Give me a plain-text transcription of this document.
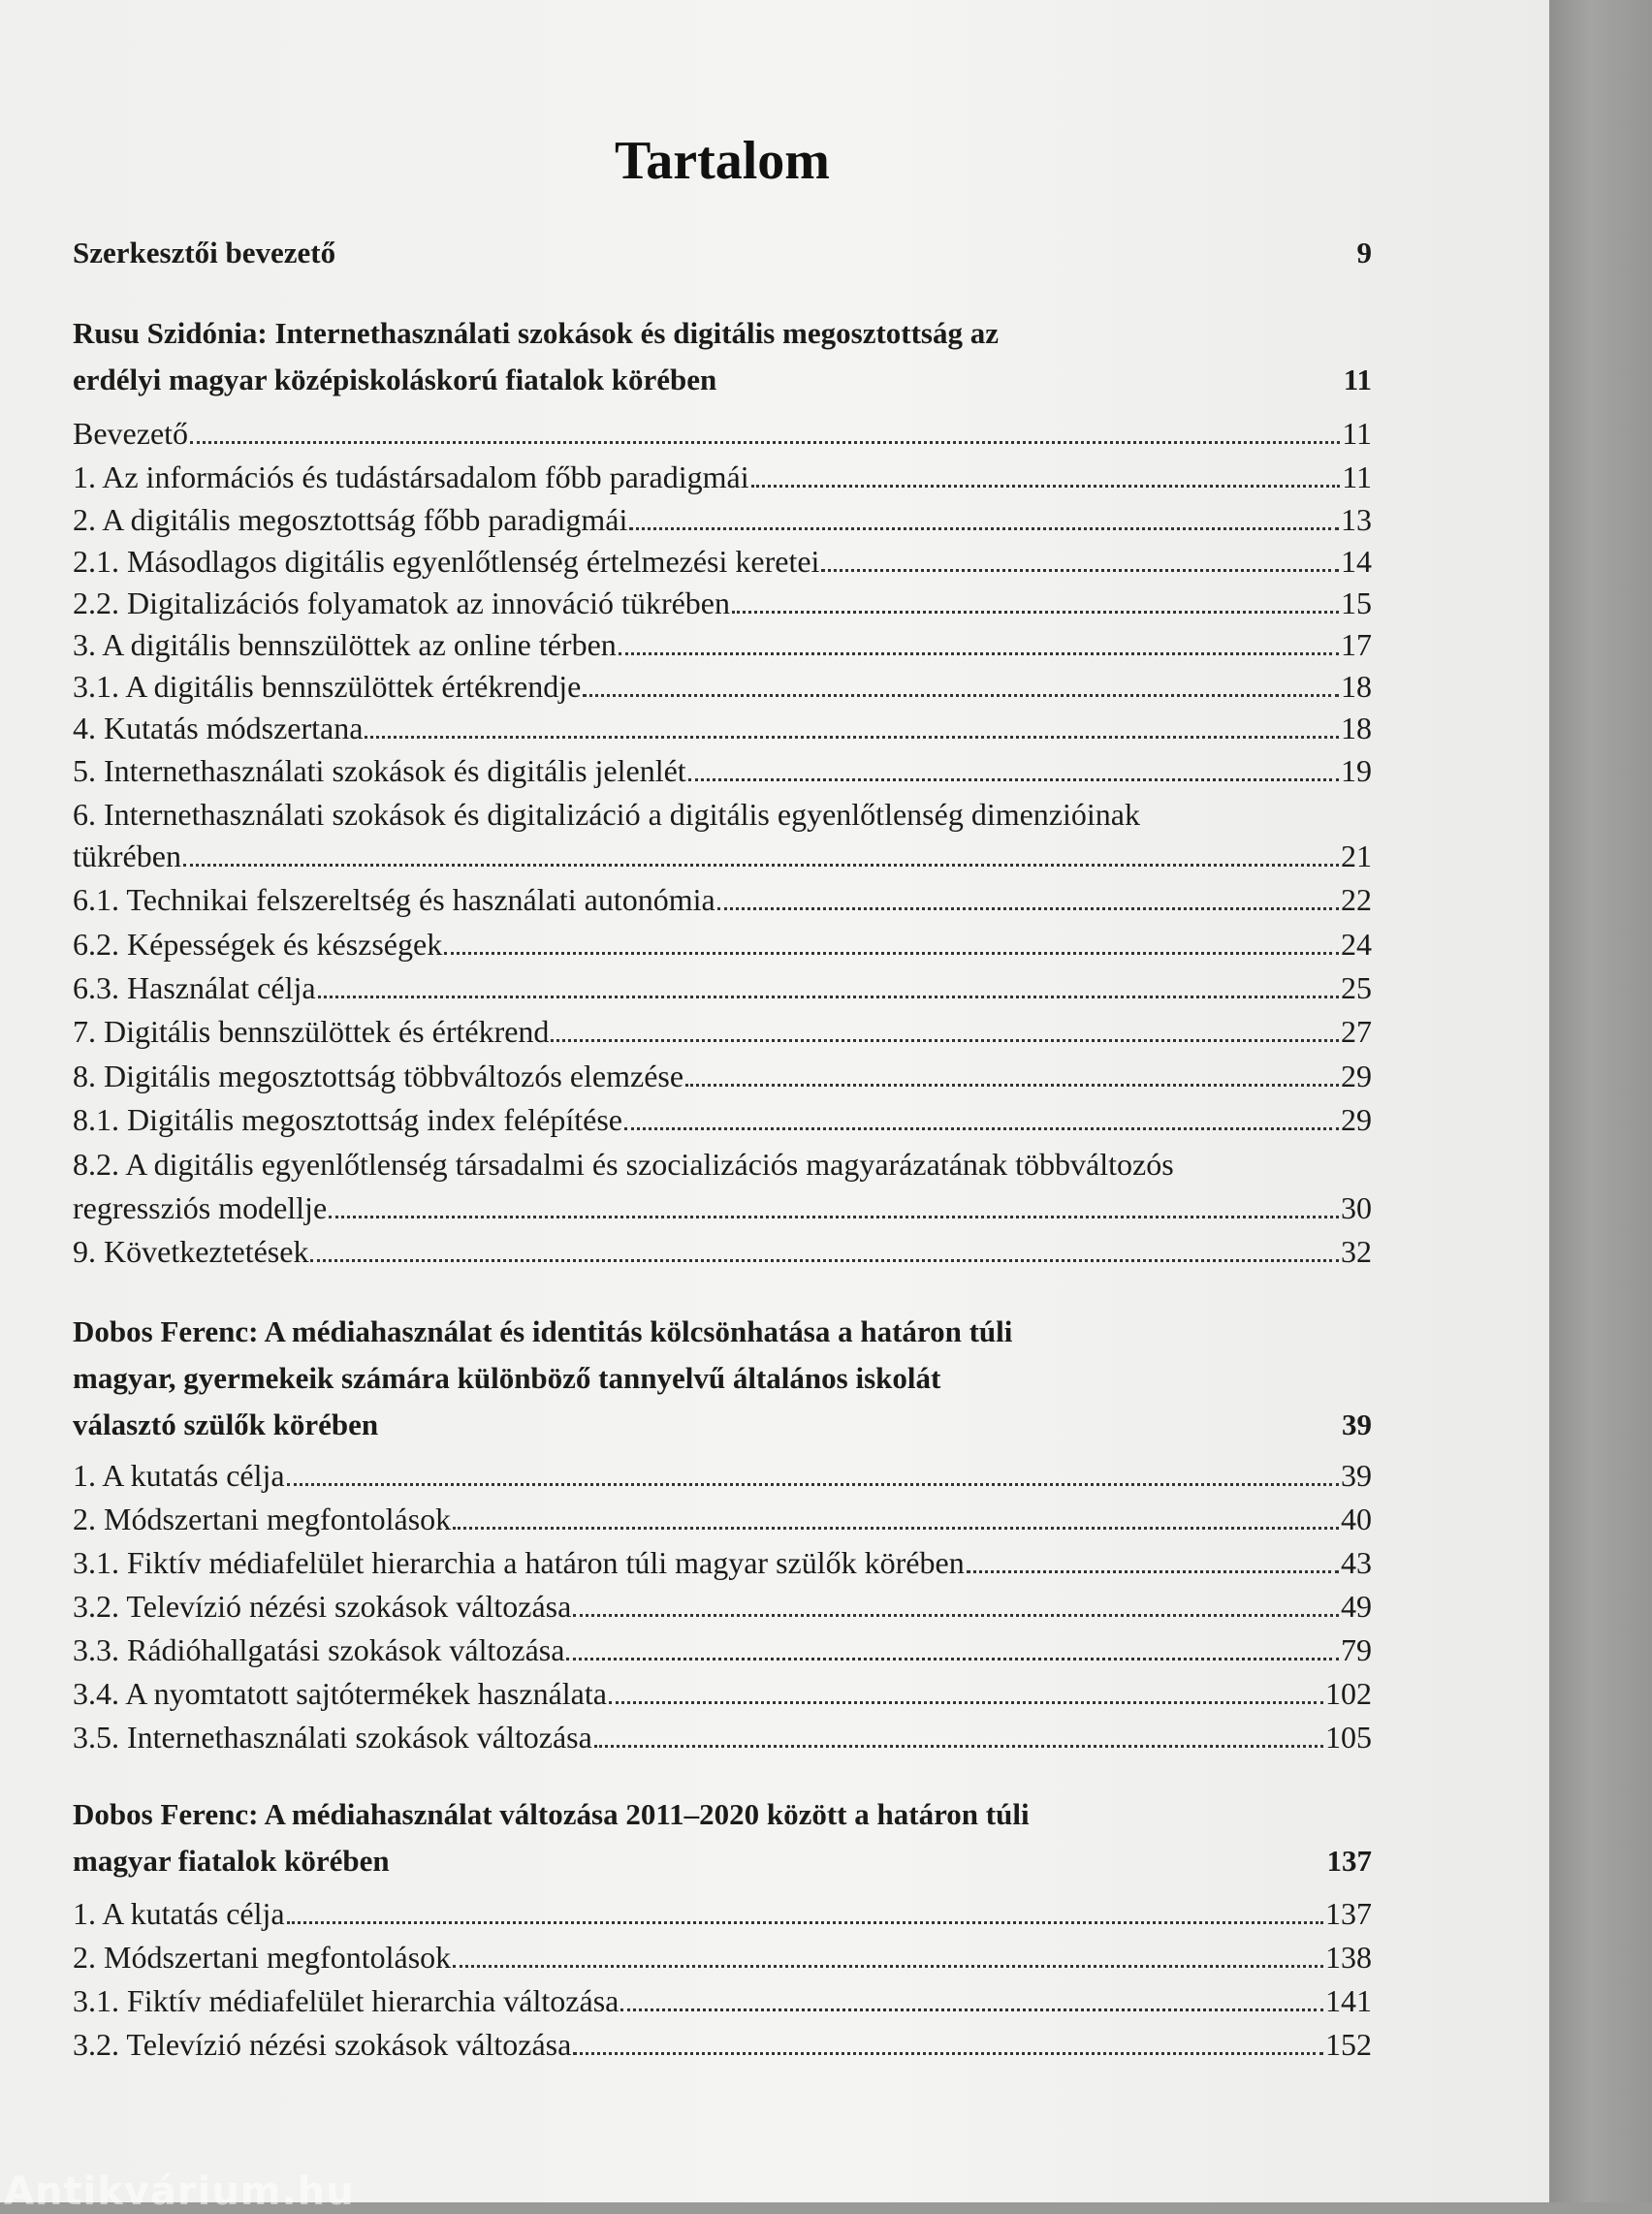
Tartalom
Szerkesztői bevezető	9
Rusu Szidónia: Internethasználati szokások és digitális megosztottság az
erdélyi magyar középiskoláskorú fiatalok körében	11
Bevezető	11
1. Az információs és tudástársadalom főbb paradigmái	11
2. A digitális megosztottság főbb paradigmái	13
2.1. Másodlagos digitális egyenlőtlenség értelmezési keretei	14
2.2. Digitalizációs folyamatok az innováció tükrében	15
3. A digitális bennszülöttek az online térben	17
3.1. A digitális bennszülöttek értékrendje	18
4. Kutatás módszertana	18
5. Internethasználati szokások és digitális jelenlét	19
6. Internethasználati szokások és digitalizáció a digitális egyenlőtlenség dimenzióinak
tükrében	21
6.1. Technikai felszereltség és használati autonómia	22
6.2. Képességek és készségek	24
6.3. Használat célja	25
7. Digitális bennszülöttek és értékrend	27
8. Digitális megosztottság többváltozós elemzése	29
8.1. Digitális megosztottság index felépítése	29
8.2. A digitális egyenlőtlenség társadalmi és szocializációs magyarázatának többváltozós
regressziós modellje	30
9. Következtetések	32
Dobos Ferenc: A médiahasználat és identitás kölcsönhatása a határon túli
magyar, gyermekeik számára különböző tannyelvű általános iskolát
választó szülők körében	39
1. A kutatás célja	39
2. Módszertani megfontolások	40
3.1. Fiktív médiafelület hierarchia a határon túli magyar szülők körében	43
3.2. Televízió nézési szokások változása	49
3.3. Rádióhallgatási szokások változása	79
3.4. A nyomtatott sajtótermékek használata	102
3.5. Internethasználati szokások változása	105
Dobos Ferenc: A médiahasználat változása 2011–2020 között a határon túli
magyar fiatalok körében	137
1. A kutatás célja	137
2. Módszertani megfontolások	138
3.1. Fiktív médiafelület hierarchia változása	141
3.2. Televízió nézési szokások változása	152
Antikvárium.hu
